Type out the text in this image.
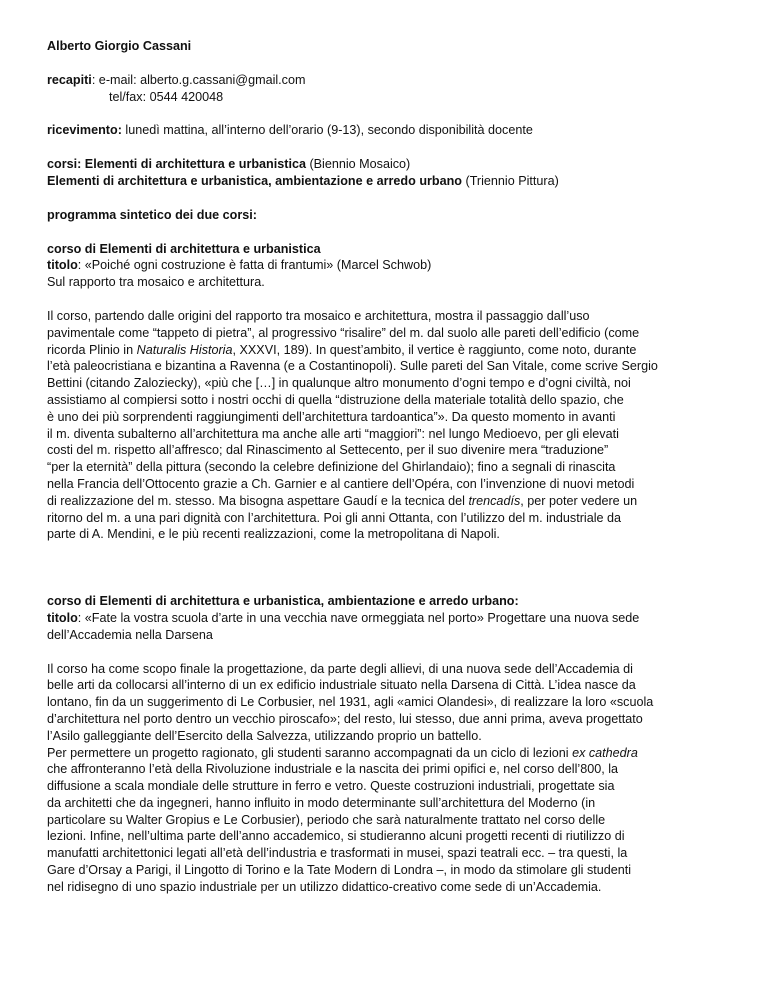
Alberto Giorgio Cassani

recapiti: e-mail: alberto.g.cassani@gmail.com

tel/fax: 0544 420048

ricevimento: lunedì mattina, all’interno dell’orario (9-13), secondo disponibilità docente

corsi: Elementi di architettura e urbanistica (Biennio Mosaico)

Elementi di architettura e urbanistica, ambientazione e arredo urbano (Triennio Pittura)

programma sintetico dei due corsi:

corso di Elementi di architettura e urbanistica

titolo: «Poiché ogni costruzione è fatta di frantumi» (Marcel Schwob)

Sul rapporto tra mosaico e architettura.

Il corso, partendo dalle origini del rapporto tra mosaico e architettura, mostra il passaggio dall’uso

pavimentale come “tappeto di pietra”, al progressivo “risalire” del m. dal suolo alle pareti dell’edificio (come

ricorda Plinio in Naturalis Historia, XXXVI, 189). In quest’ambito, il vertice è raggiunto, come noto, durante

l’età paleocristiana e bizantina a Ravenna (e a Costantinopoli). Sulle pareti del San Vitale, come scrive Sergio

Bettini (citando Zaloziecky), «più che […] in qualunque altro monumento d’ogni tempo e d’ogni civiltà, noi

assistiamo al compiersi sotto i nostri occhi di quella “distruzione della materiale totalità dello spazio, che

è uno dei più sorprendenti raggiungimenti dell’architettura tardoantica”». Da questo momento in avanti

il m. diventa subalterno all’architettura ma anche alle arti “maggiori”: nel lungo Medioevo, per gli elevati

costi del m. rispetto all’affresco; dal Rinascimento al Settecento, per il suo divenire mera “traduzione”

“per la eternità” della pittura (secondo la celebre definizione del Ghirlandaio); fino a segnali di rinascita

nella Francia dell’Ottocento grazie a Ch. Garnier e al cantiere dell’Opéra, con l’invenzione di nuovi metodi

di realizzazione del m. stesso. Ma bisogna aspettare Gaudí e la tecnica del trencadís, per poter vedere un

ritorno del m. a una pari dignità con l’architettura. Poi gli anni Ottanta, con l’utilizzo del m. industriale da

parte di A. Mendini, e le più recenti realizzazioni, come la metropolitana di Napoli.

corso di Elementi di architettura e urbanistica, ambientazione e arredo urbano:

titolo: «Fate la vostra scuola d’arte in una vecchia nave ormeggiata nel porto» Progettare una nuova sede

dell’Accademia nella Darsena

Il corso ha come scopo finale la progettazione, da parte degli allievi, di una nuova sede dell’Accademia di

belle arti da collocarsi all’interno di un ex edificio industriale situato nella Darsena di Città. L’idea nasce da

lontano, fin da un suggerimento di Le Corbusier, nel 1931, agli «amici Olandesi», di realizzare la loro «scuola

d’architettura nel porto dentro un vecchio piroscafo»; del resto, lui stesso, due anni prima, aveva progettato

l’Asilo galleggiante dell’Esercito della Salvezza, utilizzando proprio un battello.

Per permettere un progetto ragionato, gli studenti saranno accompagnati da un ciclo di lezioni ex cathedra

che affronteranno l’età della Rivoluzione industriale e la nascita dei primi opifici e, nel corso dell’800, la

diffusione a scala mondiale delle strutture in ferro e vetro. Queste costruzioni industriali, progettate sia

da architetti che da ingegneri, hanno influito in modo determinante sull’architettura del Moderno (in

particolare su Walter Gropius e Le Corbusier), periodo che sarà naturalmente trattato nel corso delle

lezioni. Infine, nell’ultima parte dell’anno accademico, si studieranno alcuni progetti recenti di riutilizzo di

manufatti architettonici legati all’età dell’industria e trasformati in musei, spazi teatrali ecc. – tra questi, la

Gare d’Orsay a Parigi, il Lingotto di Torino e la Tate Modern di Londra –, in modo da stimolare gli studenti

nel ridisegno di uno spazio industriale per un utilizzo didattico-creativo come sede di un’Accademia.
